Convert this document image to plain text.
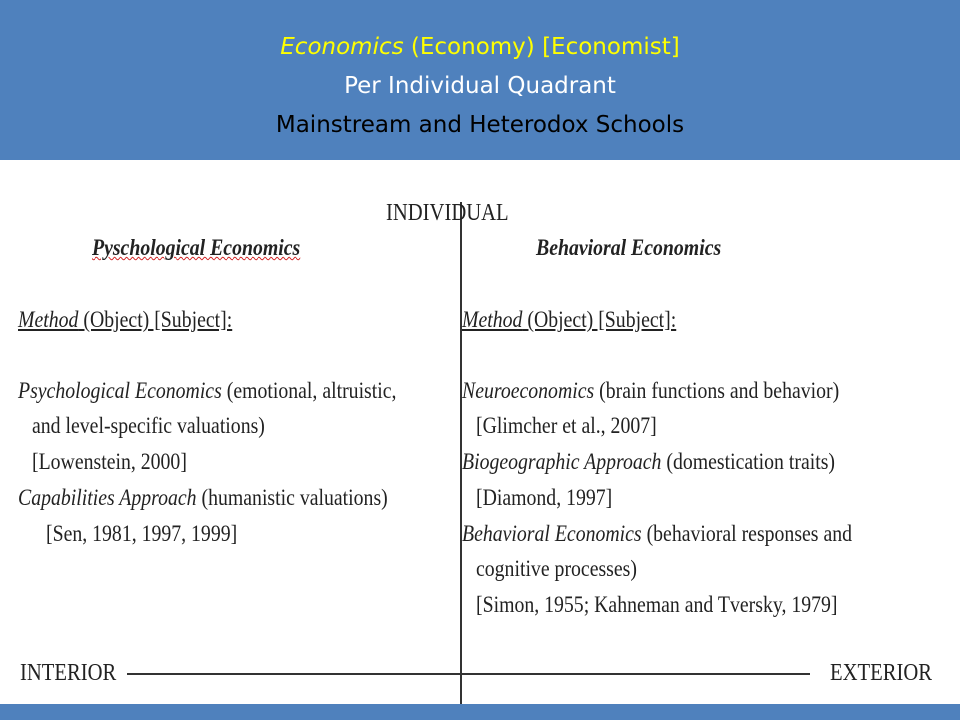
Economics (Economy) [Economist]
Per Individual Quadrant
Mainstream and Heterodox Schools
INDIVIDUAL
INTERIOR	EXTERIOR
Pyschological Economics
Method (Object) [Subject]:
Psychological Economics (emotional, altruistic,
and level-specific valuations)
[Lowenstein, 2000]
Capabilities Approach (humanistic valuations)
[Sen, 1981, 1997, 1999]
Behavioral Economics
Method (Object) [Subject]:
Neuroeconomics (brain functions and behavior)
[Glimcher et al., 2007]
Biogeographic Approach (domestication traits)
[Diamond, 1997]
Behavioral Economics (behavioral responses and
cognitive processes)
[Simon, 1955; Kahneman and Tversky, 1979]
